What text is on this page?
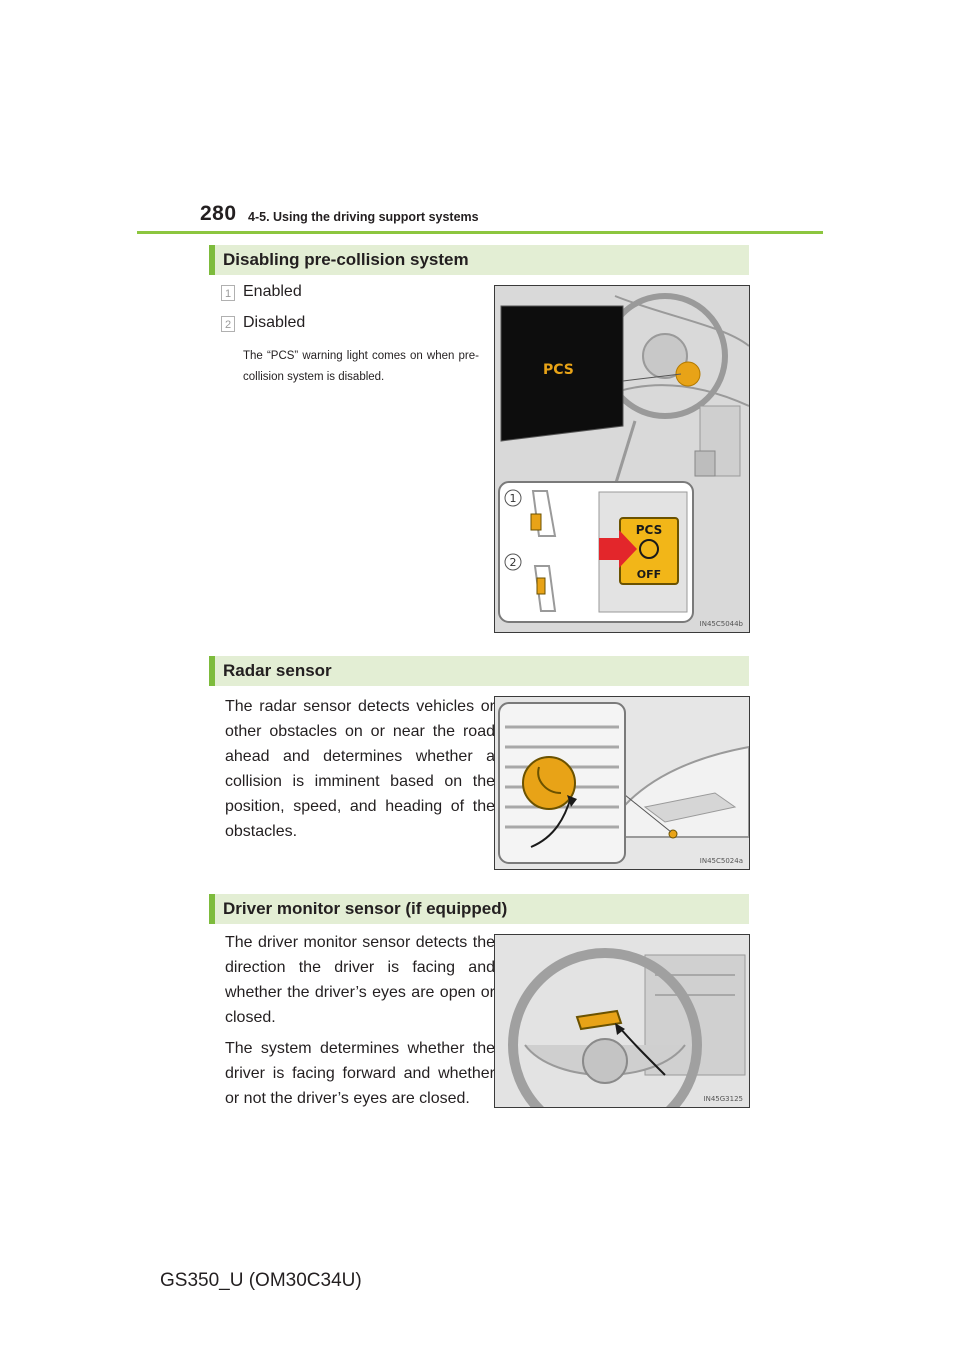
280 4-5. Using the driving support systems
Disabling pre-collision system
1 Enabled
2 Disabled
The “PCS” warning light comes on when pre-collision system is disabled.	PCS
PCS
OFF
1
2
IN45C5044b
Radar sensor
The radar sensor detects vehicles or other obstacles on or near the road ahead and determines whether a collision is imminent based on the position, speed, and heading of the obstacles.
IN45C5024a
Driver monitor sensor (if equipped)
The driver monitor sensor detects the direction the driver is facing and whether the driver’s eyes are open or closed.
The system determines whether the driver is facing forward and whether or not the driver’s eyes are closed.	IN45G3125
GS350_U (OM30C34U)
